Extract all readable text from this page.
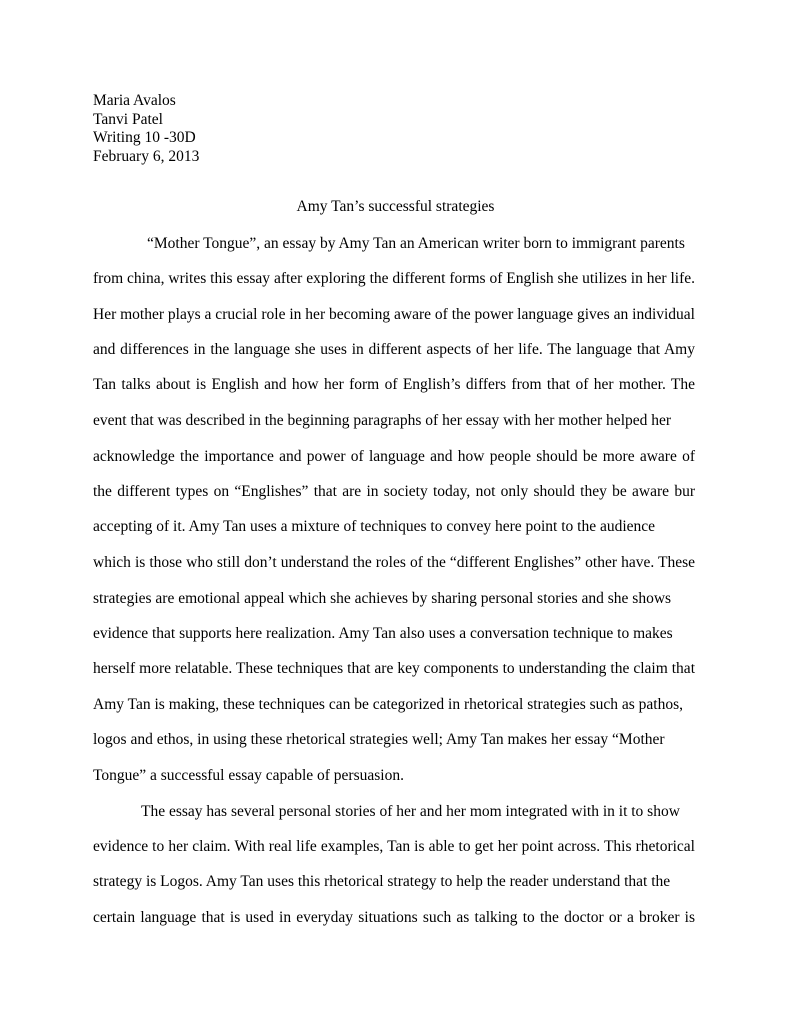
Maria Avalos
Tanvi Patel
Writing 10 -30D
February 6, 2013
Amy Tan’s successful strategies
“Mother Tongue”, an essay by Amy Tan an American writer born to immigrant parents
from china, writes this essay after exploring the different forms of English she utilizes in her life.
Her mother plays a crucial role in her becoming aware of the power language gives an individual
and differences in the language she uses in different aspects of her life. The language that Amy
Tan talks about is English and how her form of English’s differs from that of her mother. The
event that was described in the beginning paragraphs of her essay with her mother helped her
acknowledge the importance and power of language and how people should be more aware of
the different types on “Englishes” that are in society today, not only should they be aware bur
accepting of it. Amy Tan uses a mixture of techniques to convey here point to the audience
which is those who still don’t understand the roles of the “different Englishes” other have. These
strategies are emotional appeal which she achieves by sharing personal stories and she shows
evidence that supports here realization. Amy Tan also uses a conversation technique to makes
herself more relatable. These techniques that are key components to understanding the claim that
Amy Tan is making, these techniques can be categorized in rhetorical strategies such as pathos,
logos and ethos, in using these rhetorical strategies well; Amy Tan makes her essay “Mother
Tongue” a successful essay capable of persuasion.
The essay has several personal stories of her and her mom integrated with in it to show
evidence to her claim. With real life examples, Tan is able to get her point across. This rhetorical
strategy is Logos. Amy Tan uses this rhetorical strategy to help the reader understand that the
certain language that is used in everyday situations such as talking to the doctor or a broker is
